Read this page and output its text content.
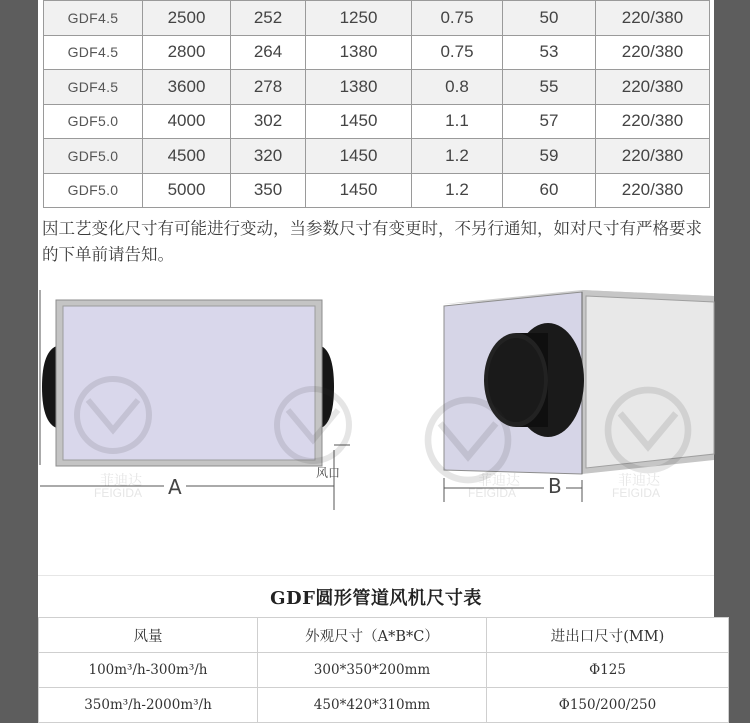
GDF4.5	2500	252	1250	0.75	50	220/380
GDF4.5	2800	264	1380	0.75	53	220/380
GDF4.5	3600	278	1380	0.8	55	220/380
GDF5.0	4000	302	1450	1.1	57	220/380
GDF5.0	4500	320	1450	1.2	59	220/380
GDF5.0	5000	350	1450	1.2	60	220/380

因工艺变化尺寸有可能进行变动，当参数尺寸有变更时，不另行通知，如对尺寸有严格要求的下单前请告知。

A
风口
B
菲迪达
FEIGIDA
菲迪达
FEIGIDA
菲迪达
FEIGIDA
GDF圆形管道风机尺寸表
风量	外观尺寸（A*B*C）	进出口尺寸(MM)
100m³/h-300m³/h	300*350*200mm	Φ125
350m³/h-2000m³/h	450*420*310mm	Φ150/200/250
